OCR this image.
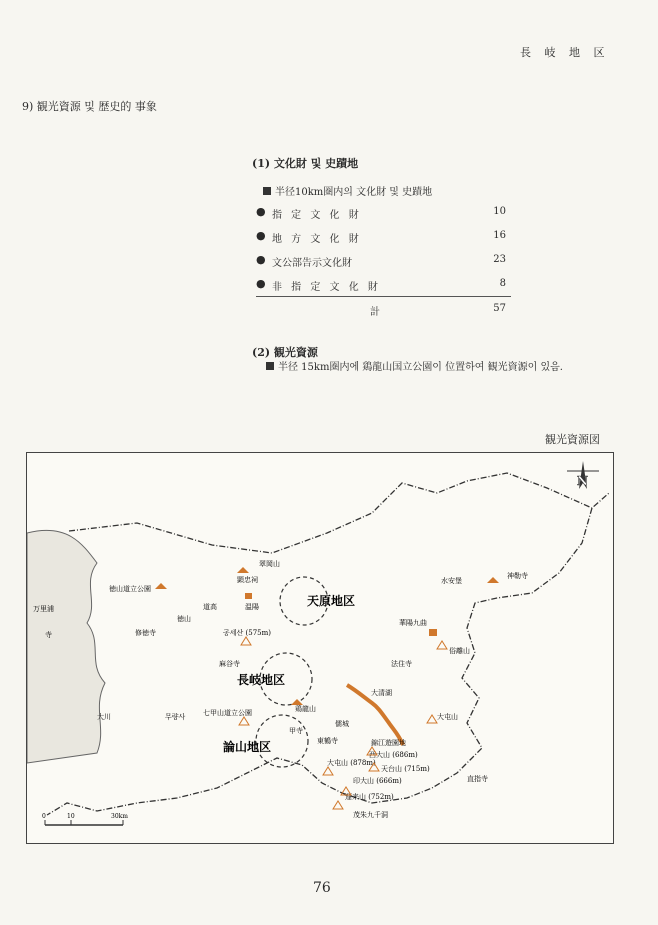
長 岐 地 区
9) 観光資源 및 歴史的 事象
(1) 文化財 및 史蹟地
半径10km圏内의 文化財 및 史蹟地
● 指 定 文 化 財	10
● 地 方 文 化 財	16
● 文公部告示文化財	23
● 非 指 定 文 化 財	8
計	57
(2) 観光資源
半径 15km圏内에 鶏龍山国立公園이 位置하여 観光資源이 있음.
観光資源図
天原地区
長岐地区
論山地区
翠岡山
顕忠祠
徳山道立公園
道高	温陽
徳山
万里浦
寺	修徳寺	공세산 (575m)
麻谷寺
七甲山道立公園
大川	무량사
鶏龍山
甲寺
東鶴寺
儒城
大清湖
法住寺
華陽九曲
俗離山
水安堡
神勒寺
大屯山 (878m)
錦江遊園地
西大山 (686m)
天台山 (715m)
大屯山
印大山 (666m)	直指寺
運来山 (752m)
茂朱九千洞
N
0	10	30km
76
